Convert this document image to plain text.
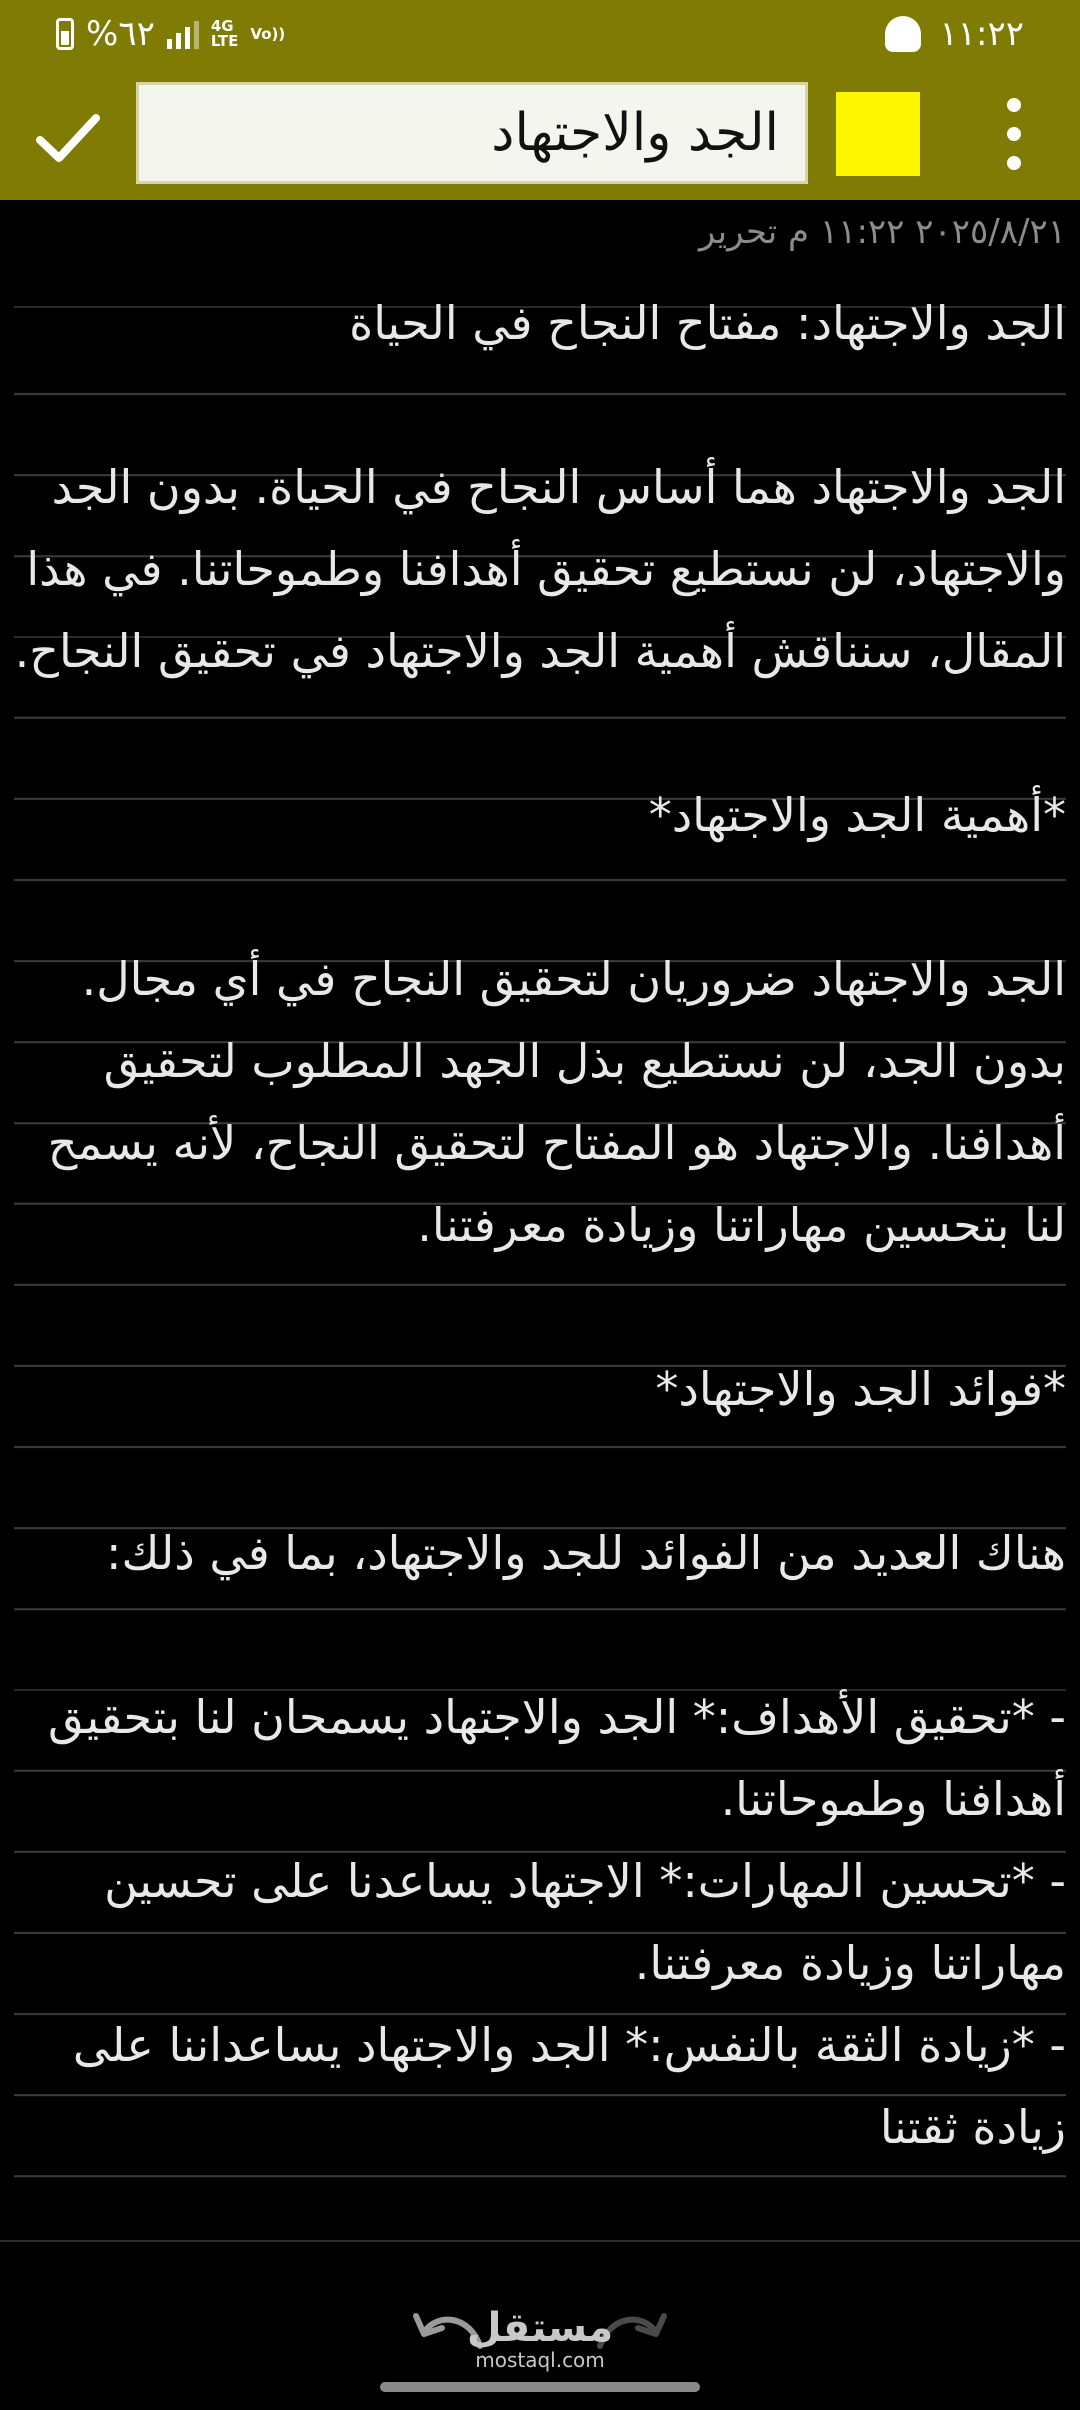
%٦٢	4G
LTE Vo))	١١:٢٢
الجد والاجتهاد
٢٠٢٥/٨/٢١ ١١:٢٢ م تحرير

الجد والاجتهاد: مفتاح النجاح في الحياة

الجد والاجتهاد هما أساس النجاح في الحياة. بدون الجد والاجتهاد، لن نستطيع تحقيق أهدافنا وطموحاتنا. في هذا المقال، سنناقش أهمية الجد والاجتهاد في تحقيق النجاح.

*أهمية الجد والاجتهاد*

الجد والاجتهاد ضروريان لتحقيق النجاح في أي مجال. بدون الجد، لن نستطيع بذل الجهد المطلوب لتحقيق أهدافنا. والاجتهاد هو المفتاح لتحقيق النجاح، لأنه يسمح لنا بتحسين مهاراتنا وزيادة معرفتنا.

*فوائد الجد والاجتهاد*

هناك العديد من الفوائد للجد والاجتهاد، بما في ذلك:

- *تحقيق الأهداف:* الجد والاجتهاد يسمحان لنا بتحقيق أهدافنا وطموحاتنا.

- *تحسين المهارات:* الاجتهاد يساعدنا على تحسين مهاراتنا وزيادة معرفتنا.

- *زيادة الثقة بالنفس:* الجد والاجتهاد يساعداننا على زيادة ثقتنا

مستقل
mostaql.com
